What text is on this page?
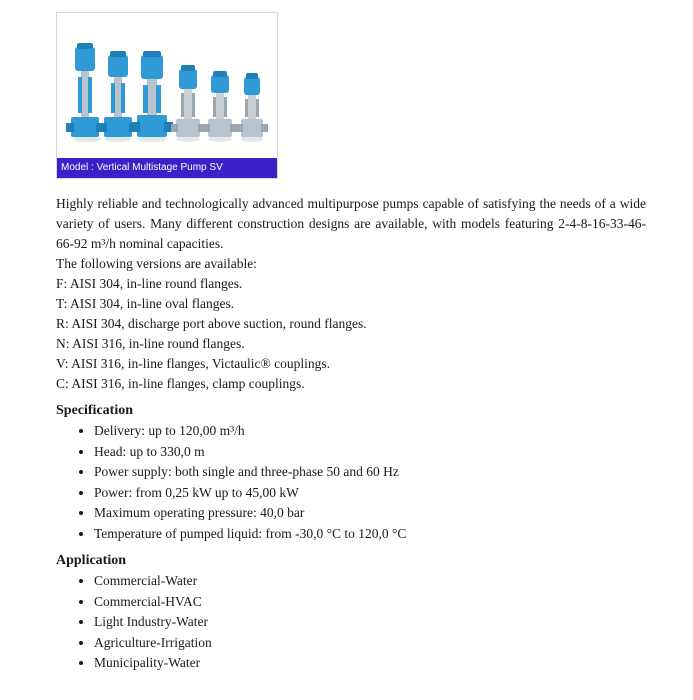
Model : Vertical Multistage Pump SV

Highly reliable and technologically advanced multipurpose pumps capable of satisfying the needs of a wide variety of users. Many different construction designs are available, with models featuring 2-4-8-16-33-46-66-92 m³/h nominal capacities.

The following versions are available:

F: AISI 304, in-line round flanges.

T: AISI 304, in-line oval flanges.

R: AISI 304, discharge port above suction, round flanges.

N: AISI 316, in-line round flanges.

V: AISI 316, in-line flanges, Victaulic® couplings.

C: AISI 316, in-line flanges, clamp couplings.

Specification
• Delivery: up to 120,00 m³/h
• Head: up to 330,0 m
• Power supply: both single and three-phase 50 and 60 Hz
• Power: from 0,25 kW up to 45,00 kW
• Maximum operating pressure: 40,0 bar
• Temperature of pumped liquid: from -30,0 °C to 120,0 °C
Application
• Commercial-Water
• Commercial-HVAC
• Light Industry-Water
• Agriculture-Irrigation
• Municipality-Water
